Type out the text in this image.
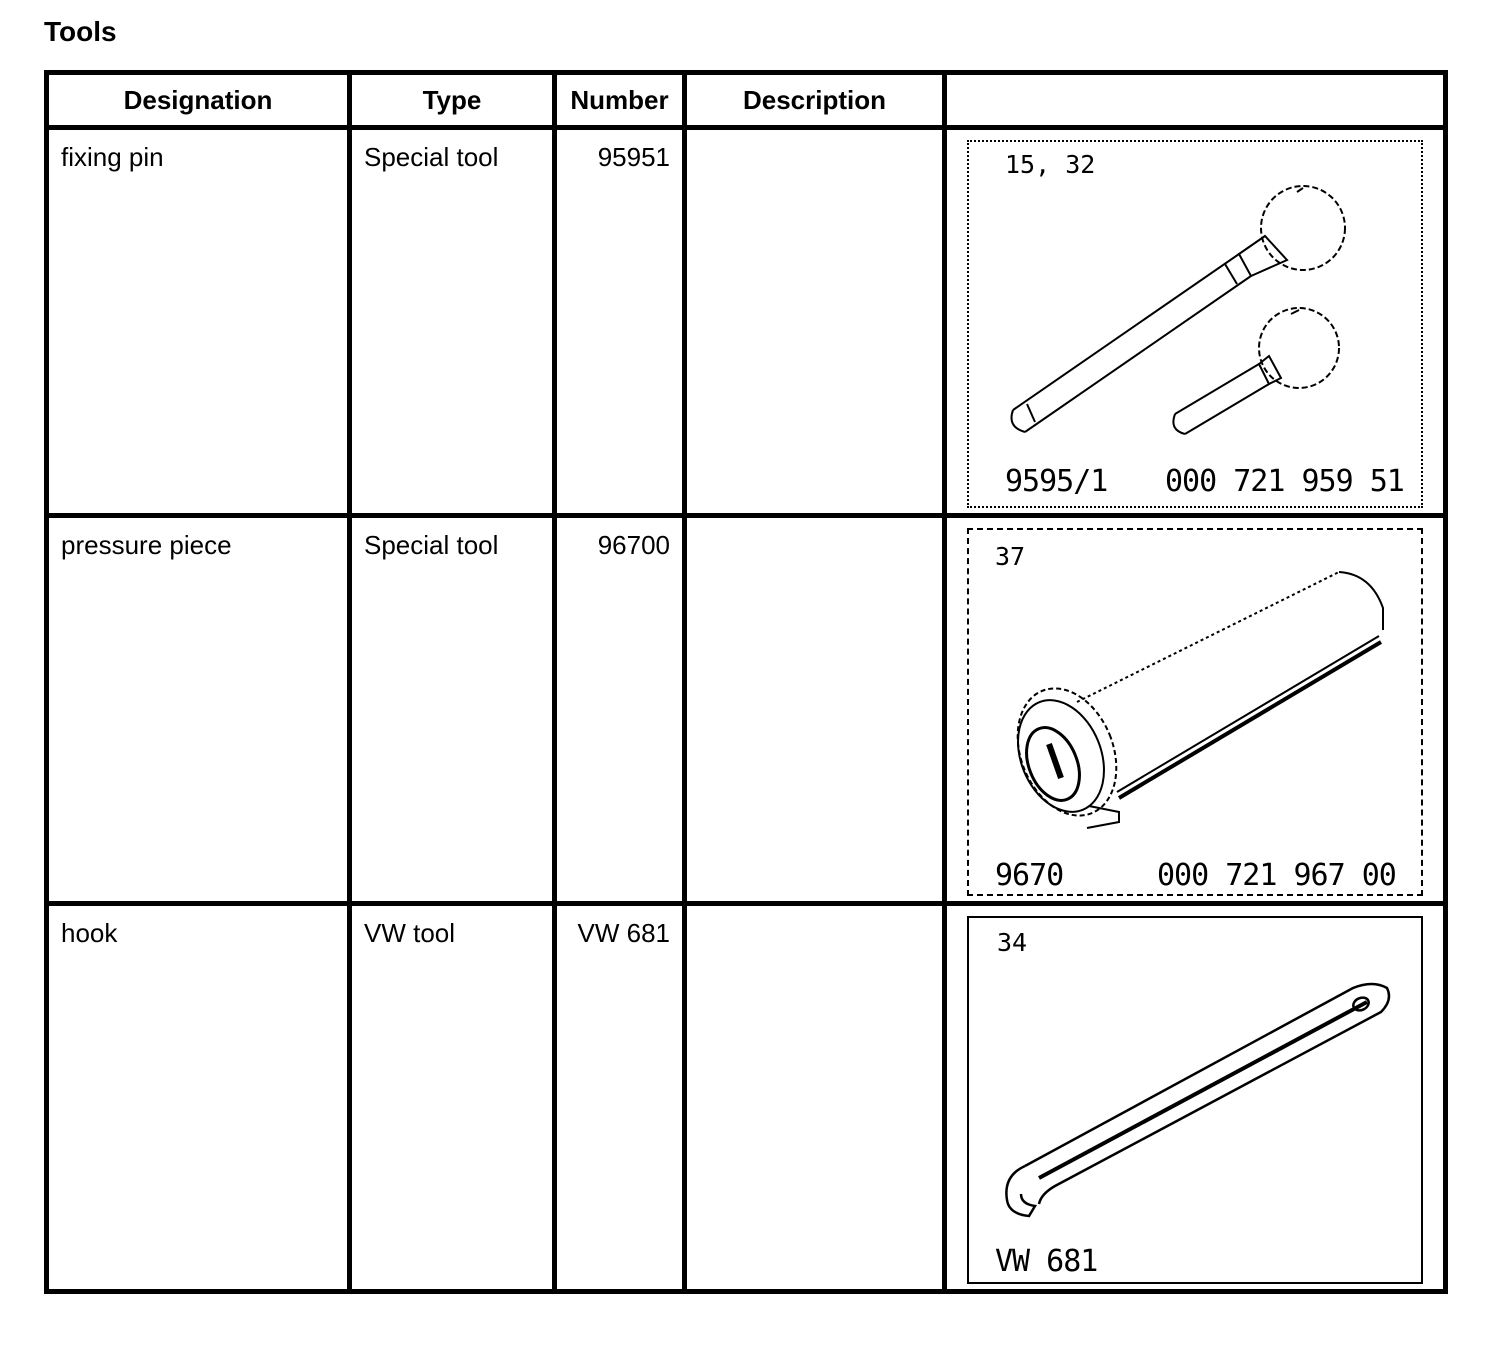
Tools
Designation	Type	Number	Description	

fixing pin	Special tool	95951		15, 32
9595/1 000 721 959 51

pressure piece	Special tool	96700		37
9670 000 721 967 00

hook	VW tool	VW 681		34
VW 681
